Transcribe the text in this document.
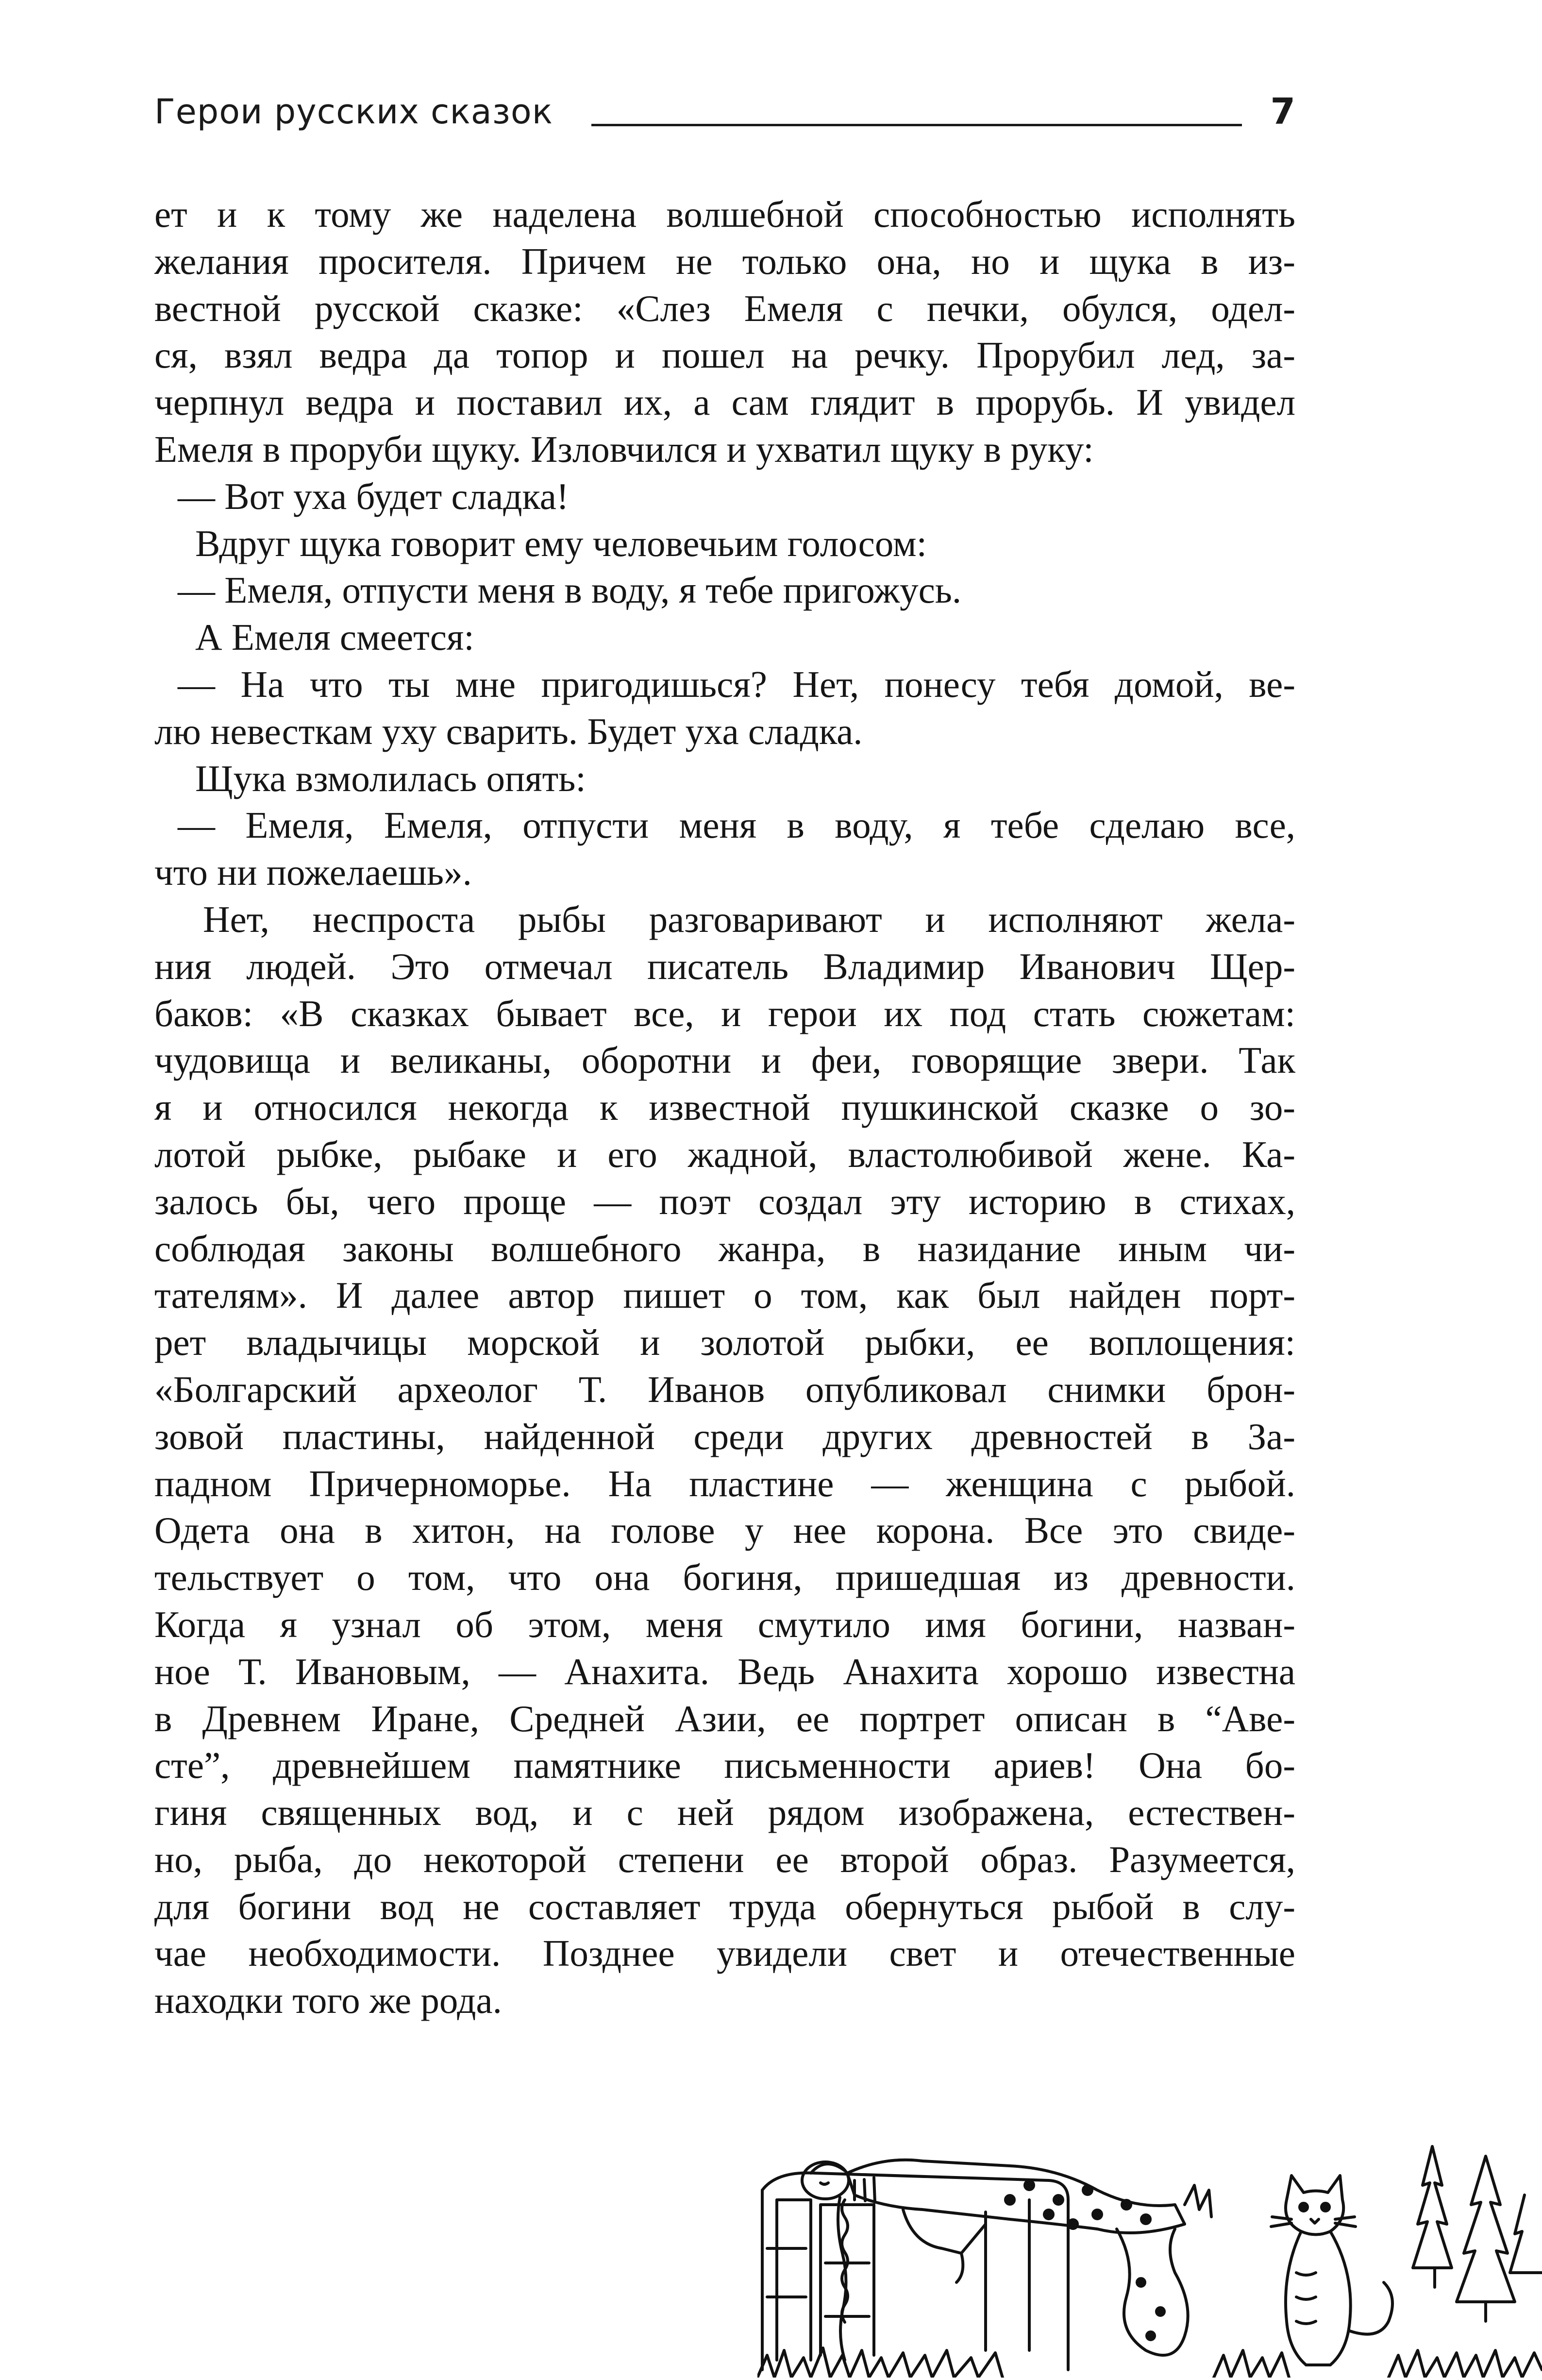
Герои русских сказок	7
ет и к тому же наделена волшебной способностью исполнять
желания просителя. Причем не только она, но и щука в из-
вестной русской сказке: «Слез Емеля с печки, обулся, одел-
ся, взял ведра да топор и пошел на речку. Прорубил лед, за-
черпнул ведра и поставил их, а сам глядит в прорубь. И увидел
Емеля в проруби щуку. Изловчился и ухватил щуку в руку:
— Вот уха будет сладка!
Вдруг щука говорит ему человечьим голосом:
— Емеля, отпусти меня в воду, я тебе пригожусь.
А Емеля смеется:
— На что ты мне пригодишься? Нет, понесу тебя домой, ве-
лю невесткам уху сварить. Будет уха сладка.
Щука взмолилась опять:
— Емеля, Емеля, отпусти меня в воду, я тебе сделаю все,
что ни пожелаешь».
Нет, неспроста рыбы разговаривают и исполняют жела-
ния людей. Это отмечал писатель Владимир Иванович Щер-
баков: «В сказках бывает все, и герои их под стать сюжетам:
чудовища и великаны, оборотни и феи, говорящие звери. Так
я и относился некогда к известной пушкинской сказке о зо-
лотой рыбке, рыбаке и его жадной, властолюбивой жене. Ка-
залось бы, чего проще — поэт создал эту историю в стихах,
соблюдая законы волшебного жанра, в назидание иным чи-
тателям». И далее автор пишет о том, как был найден порт-
рет владычицы морской и золотой рыбки, ее воплощения:
«Болгарский археолог Т. Иванов опубликовал снимки брон-
зовой пластины, найденной среди других древностей в За-
падном Причерноморье. На пластине — женщина с рыбой.
Одета она в хитон, на голове у нее корона. Все это свиде-
тельствует о том, что она богиня, пришедшая из древности.
Когда я узнал об этом, меня смутило имя богини, назван-
ное Т. Ивановым, — Анахита. Ведь Анахита хорошо известна
в Древнем Иране, Средней Азии, ее портрет описан в “Аве-
сте”, древнейшем памятнике письменности ариев! Она бо-
гиня священных вод, и с ней рядом изображена, естествен-
но, рыба, до некоторой степени ее второй образ. Разумеется,
для богини вод не составляет труда обернуться рыбой в слу-
чае необходимости. Позднее увидели свет и отечественные
находки того же рода.
